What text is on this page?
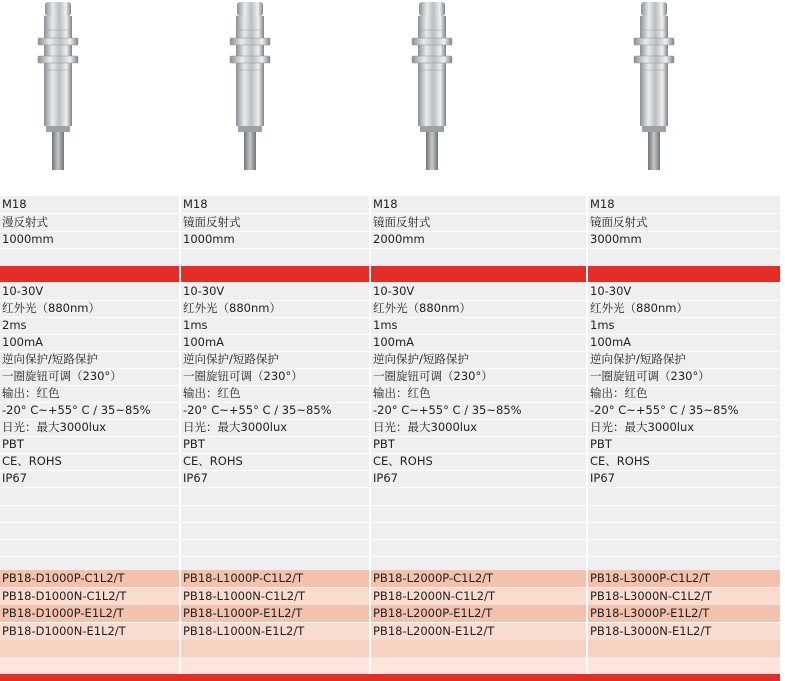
M18
漫反射式
1000mm
10-30V
红外光（880nm）
2ms
100mA
逆向保护/短路保护
一圈旋钮可调（230°）
输出：红色
-20° C~+55° C / 35~85%
日光：最大3000lux
PBT
CE、ROHS
IP67
PB18-D1000P-C1L2/T
PB18-D1000N-C1L2/T
PB18-D1000P-E1L2/T
PB18-D1000N-E1L2/T
M18
镜面反射式
1000mm
10-30V
红外光（880nm）
1ms
100mA
逆向保护/短路保护
一圈旋钮可调（230°）
输出：红色
-20° C~+55° C / 35~85%
日光：最大3000lux
PBT
CE、ROHS
IP67
PB18-L1000P-C1L2/T
PB18-L1000N-C1L2/T
PB18-L1000P-E1L2/T
PB18-L1000N-E1L2/T
M18
镜面反射式
2000mm
10-30V
红外光（880nm）
1ms
100mA
逆向保护/短路保护
一圈旋钮可调（230°）
输出：红色
-20° C~+55° C / 35~85%
日光：最大3000lux
PBT
CE、ROHS
IP67
PB18-L2000P-C1L2/T
PB18-L2000N-C1L2/T
PB18-L2000P-E1L2/T
PB18-L2000N-E1L2/T
M18
镜面反射式
3000mm
10-30V
红外光（880nm）
1ms
100mA
逆向保护/短路保护
一圈旋钮可调（230°）
输出：红色
-20° C~+55° C / 35~85%
日光：最大3000lux
PBT
CE、ROHS
IP67
PB18-L3000P-C1L2/T
PB18-L3000N-C1L2/T
PB18-L3000P-E1L2/T
PB18-L3000N-E1L2/T
